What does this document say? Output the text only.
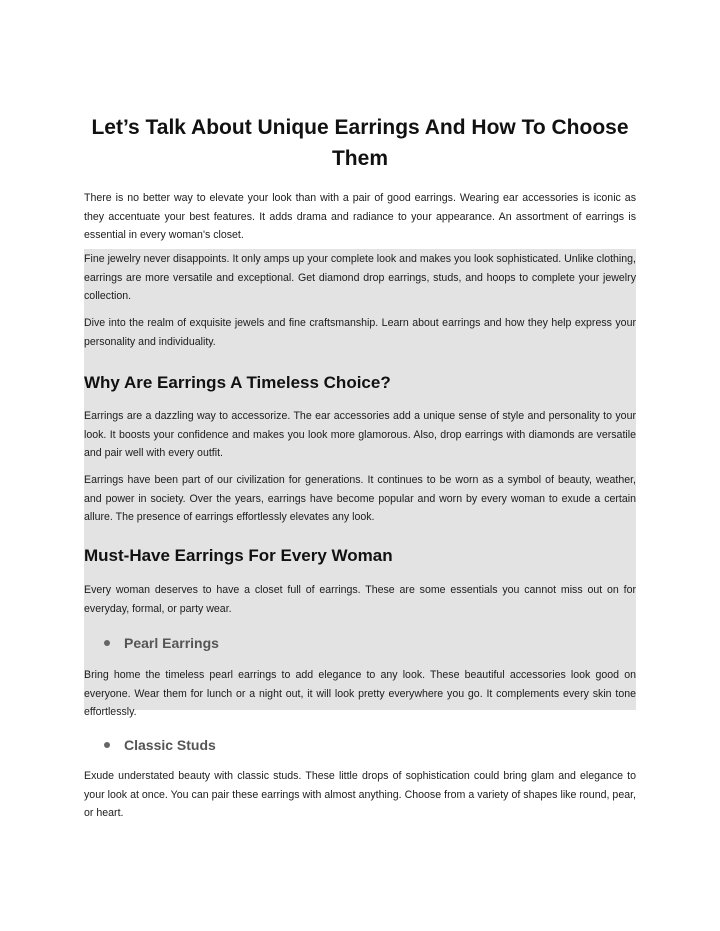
Let’s Talk About Unique Earrings And How To Choose Them

There is no better way to elevate your look than with a pair of good earrings. Wearing ear accessories is iconic as they accentuate your best features. It adds drama and radiance to your appearance. An assortment of earrings is essential in every woman's closet.

Fine jewelry never disappoints. It only amps up your complete look and makes you look sophisticated. Unlike clothing, earrings are more versatile and exceptional. Get diamond drop earrings, studs, and hoops to complete your jewelry collection.

Dive into the realm of exquisite jewels and fine craftsmanship. Learn about earrings and how they help express your personality and individuality.

Why Are Earrings A Timeless Choice?

Earrings are a dazzling way to accessorize. The ear accessories add a unique sense of style and personality to your look. It boosts your confidence and makes you look more glamorous. Also, drop earrings with diamonds are versatile and pair well with every outfit.

Earrings have been part of our civilization for generations. It continues to be worn as a symbol of beauty, weather, and power in society. Over the years, earrings have become popular and worn by every woman to exude a certain allure. The presence of earrings effortlessly elevates any look.

Must-Have Earrings For Every Woman

Every woman deserves to have a closet full of earrings. These are some essentials you cannot miss out on for everyday, formal, or party wear.

Pearl Earrings

Bring home the timeless pearl earrings to add elegance to any look. These beautiful accessories look good on everyone. Wear them for lunch or a night out, it will look pretty everywhere you go. It complements every skin tone effortlessly.

Classic Studs

Exude understated beauty with classic studs. These little drops of sophistication could bring glam and elegance to your look at once. You can pair these earrings with almost anything. Choose from a variety of shapes like round, pear, or heart.
